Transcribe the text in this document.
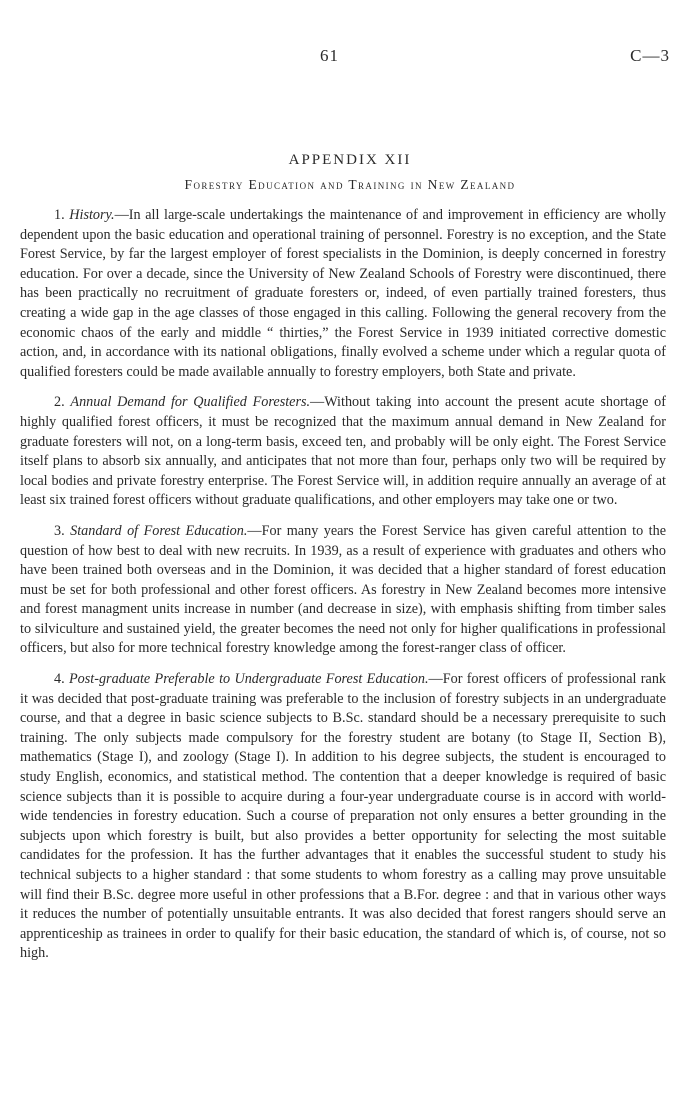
61	C—3
APPENDIX XII
Forestry Education and Training in New Zealand

1. History.—In all large-scale undertakings the maintenance of and improvement in efficiency are wholly dependent upon the basic education and operational training of personnel. Forestry is no exception, and the State Forest Service, by far the largest employer of forest specialists in the Dominion, is deeply concerned in forestry education. For over a decade, since the University of New Zealand Schools of Forestry were discontinued, there has been practically no recruitment of graduate foresters or, indeed, of even partially trained foresters, thus creating a wide gap in the age classes of those engaged in this calling. Following the general recovery from the economic chaos of the early and middle “ thirties,” the Forest Service in 1939 initiated corrective domestic action, and, in accordance with its national obligations, finally evolved a scheme under which a regular quota of qualified foresters could be made available annually to forestry employers, both State and private.

2. Annual Demand for Qualified Foresters.—Without taking into account the present acute shortage of highly qualified forest officers, it must be recognized that the maximum annual demand in New Zealand for graduate foresters will not, on a long-term basis, exceed ten, and probably will be only eight. The Forest Service itself plans to absorb six annually, and anticipates that not more than four, perhaps only two will be required by local bodies and private forestry enterprise. The Forest Service will, in addition require annually an average of at least six trained forest officers without graduate qualifications, and other employers may take one or two.

3. Standard of Forest Education.—For many years the Forest Service has given careful attention to the question of how best to deal with new recruits. In 1939, as a result of experience with graduates and others who have been trained both overseas and in the Dominion, it was decided that a higher standard of forest education must be set for both professional and other forest officers. As forestry in New Zealand becomes more intensive and forest managment units increase in number (and decrease in size), with emphasis shifting from timber sales to silviculture and sustained yield, the greater becomes the need not only for higher qualifications in professional officers, but also for more technical forestry knowledge among the forest-ranger class of officer.

4. Post-graduate Preferable to Undergraduate Forest Education.—For forest officers of professional rank it was decided that post-graduate training was preferable to the inclusion of forestry subjects in an undergraduate course, and that a degree in basic science subjects to B.Sc. standard should be a necessary prerequisite to such training. The only subjects made compulsory for the forestry student are botany (to Stage II, Section B), mathematics (Stage I), and zoology (Stage I). In addition to his degree subjects, the student is encouraged to study English, economics, and statistical method. The contention that a deeper knowledge is required of basic science subjects than it is possible to acquire during a four-year undergraduate course is in accord with world-wide tendencies in forestry education. Such a course of preparation not only ensures a better grounding in the subjects upon which forestry is built, but also provides a better opportunity for selecting the most suitable candidates for the profession. It has the further advantages that it enables the successful student to study his technical subjects to a higher standard : that some students to whom forestry as a calling may prove unsuitable will find their B.Sc. degree more useful in other professions that a B.For. degree : and that in various other ways it reduces the number of potentially unsuitable entrants. It was also decided that forest rangers should serve an apprenticeship as trainees in order to qualify for their basic education, the standard of which is, of course, not so high.
